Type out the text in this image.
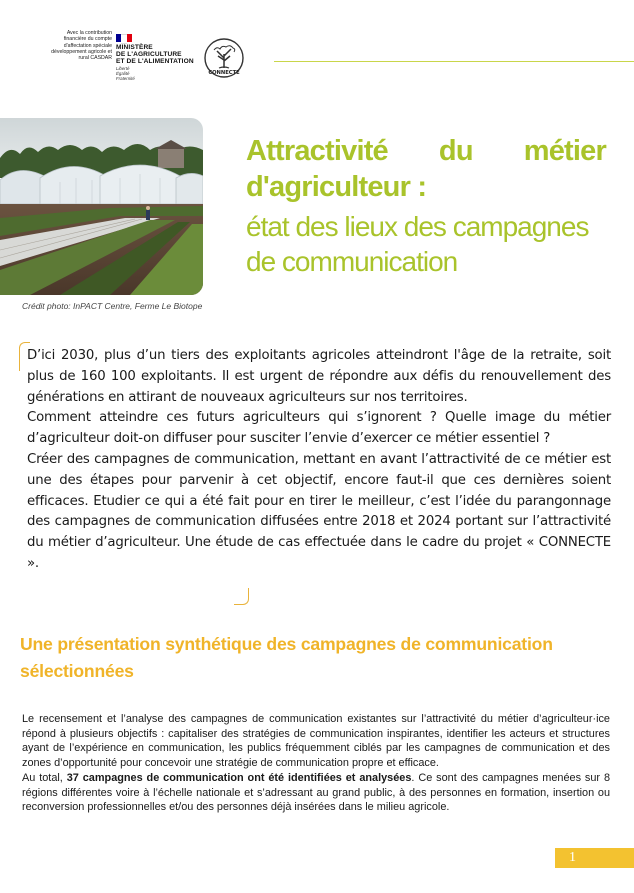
Avec la contribution financière du compte d'affectation spéciale développement agricole et rural CASDAR
MINISTÈRE
DE L'AGRICULTURE
ET DE L'ALIMENTATION
Liberté
Égalité
Fraternité
CONNECTE
Crédit photo: InPACT Centre, Ferme Le Biotope
Attractivité du métier
d'agriculteur :
état des lieux des campagnes de communication

D’ici 2030, plus d’un tiers des exploitants agricoles atteindront l'âge de la retraite, soit plus de 160 100 exploitants. Il est urgent de répondre aux défis du renouvellement des générations en attirant de nouveaux agriculteurs sur nos territoires.

Comment atteindre ces futurs agriculteurs qui s’ignorent ? Quelle image du métier d’agriculteur doit-on diffuser pour susciter l’envie d’exercer ce métier essentiel ?

Créer des campagnes de communication, mettant en avant l’attractivité de ce métier est une des étapes pour parvenir à cet objectif, encore faut-il que ces dernières soient efficaces. Etudier ce qui a été fait pour en tirer le meilleur, c’est l’idée du parangonnage des campagnes de communication diffusées entre 2018 et 2024 portant sur l’attractivité du métier d’agriculteur. Une étude de cas effectuée dans le cadre du projet « CONNECTE ».

Une présentation synthétique des campagnes de communication sélectionnées

Le recensement et l’analyse des campagnes de communication existantes sur l’attractivité du métier d’agriculteur·ice répond à plusieurs objectifs : capitaliser des stratégies de communication inspirantes, identifier les acteurs et structures ayant de l’expérience en communication, les publics fréquemment ciblés par les campagnes de communication et des zones d’opportunité pour concevoir une stratégie de communication propre et efficace.

Au total, 37 campagnes de communication ont été identifiées et analysées. Ce sont des campagnes menées sur 8 régions différentes voire à l’échelle nationale et s’adressant au grand public, à des personnes en formation, insertion ou reconversion professionnelles et/ou des personnes déjà insérées dans le milieu agricole.

1
